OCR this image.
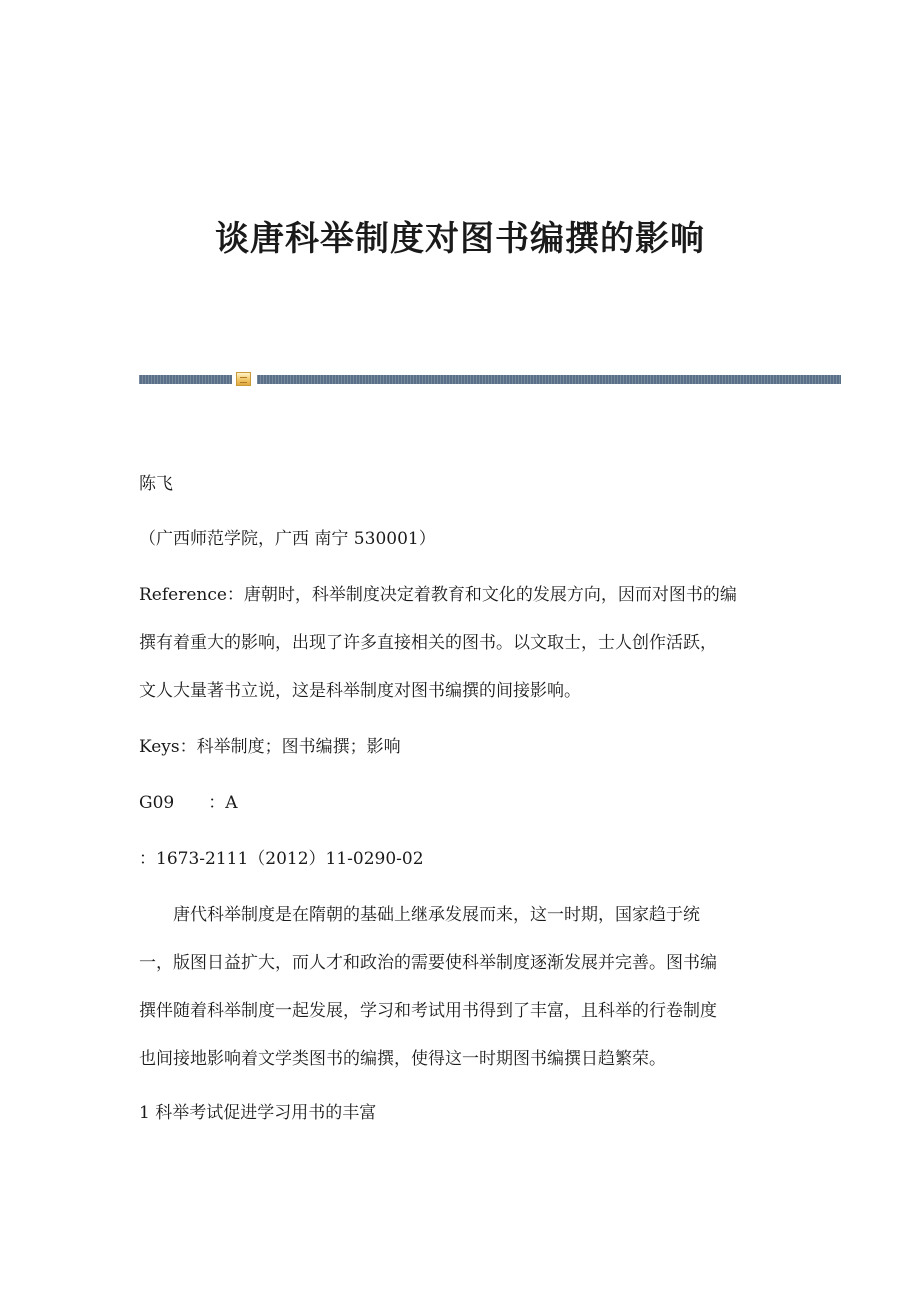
谈唐科举制度对图书编撰的影响
陈飞
（广西师范学院，广西 南宁 530001）
Reference：唐朝时，科举制度决定着教育和文化的发展方向，因而对图书的编
撰有着重大的影响，出现了许多直接相关的图书。以文取士，士人创作活跃，
文人大量著书立说，这是科举制度对图书编撰的间接影响。
Keys：科举制度；图书编撰；影响
G09　　：A
：1673-2111（2012）11-0290-02
　　唐代科举制度是在隋朝的基础上继承发展而来，这一时期，国家趋于统
一，版图日益扩大，而人才和政治的需要使科举制度逐渐发展并完善。图书编
撰伴随着科举制度一起发展，学习和考试用书得到了丰富，且科举的行卷制度
也间接地影响着文学类图书的编撰，使得这一时期图书编撰日趋繁荣。
1 科举考试促进学习用书的丰富
